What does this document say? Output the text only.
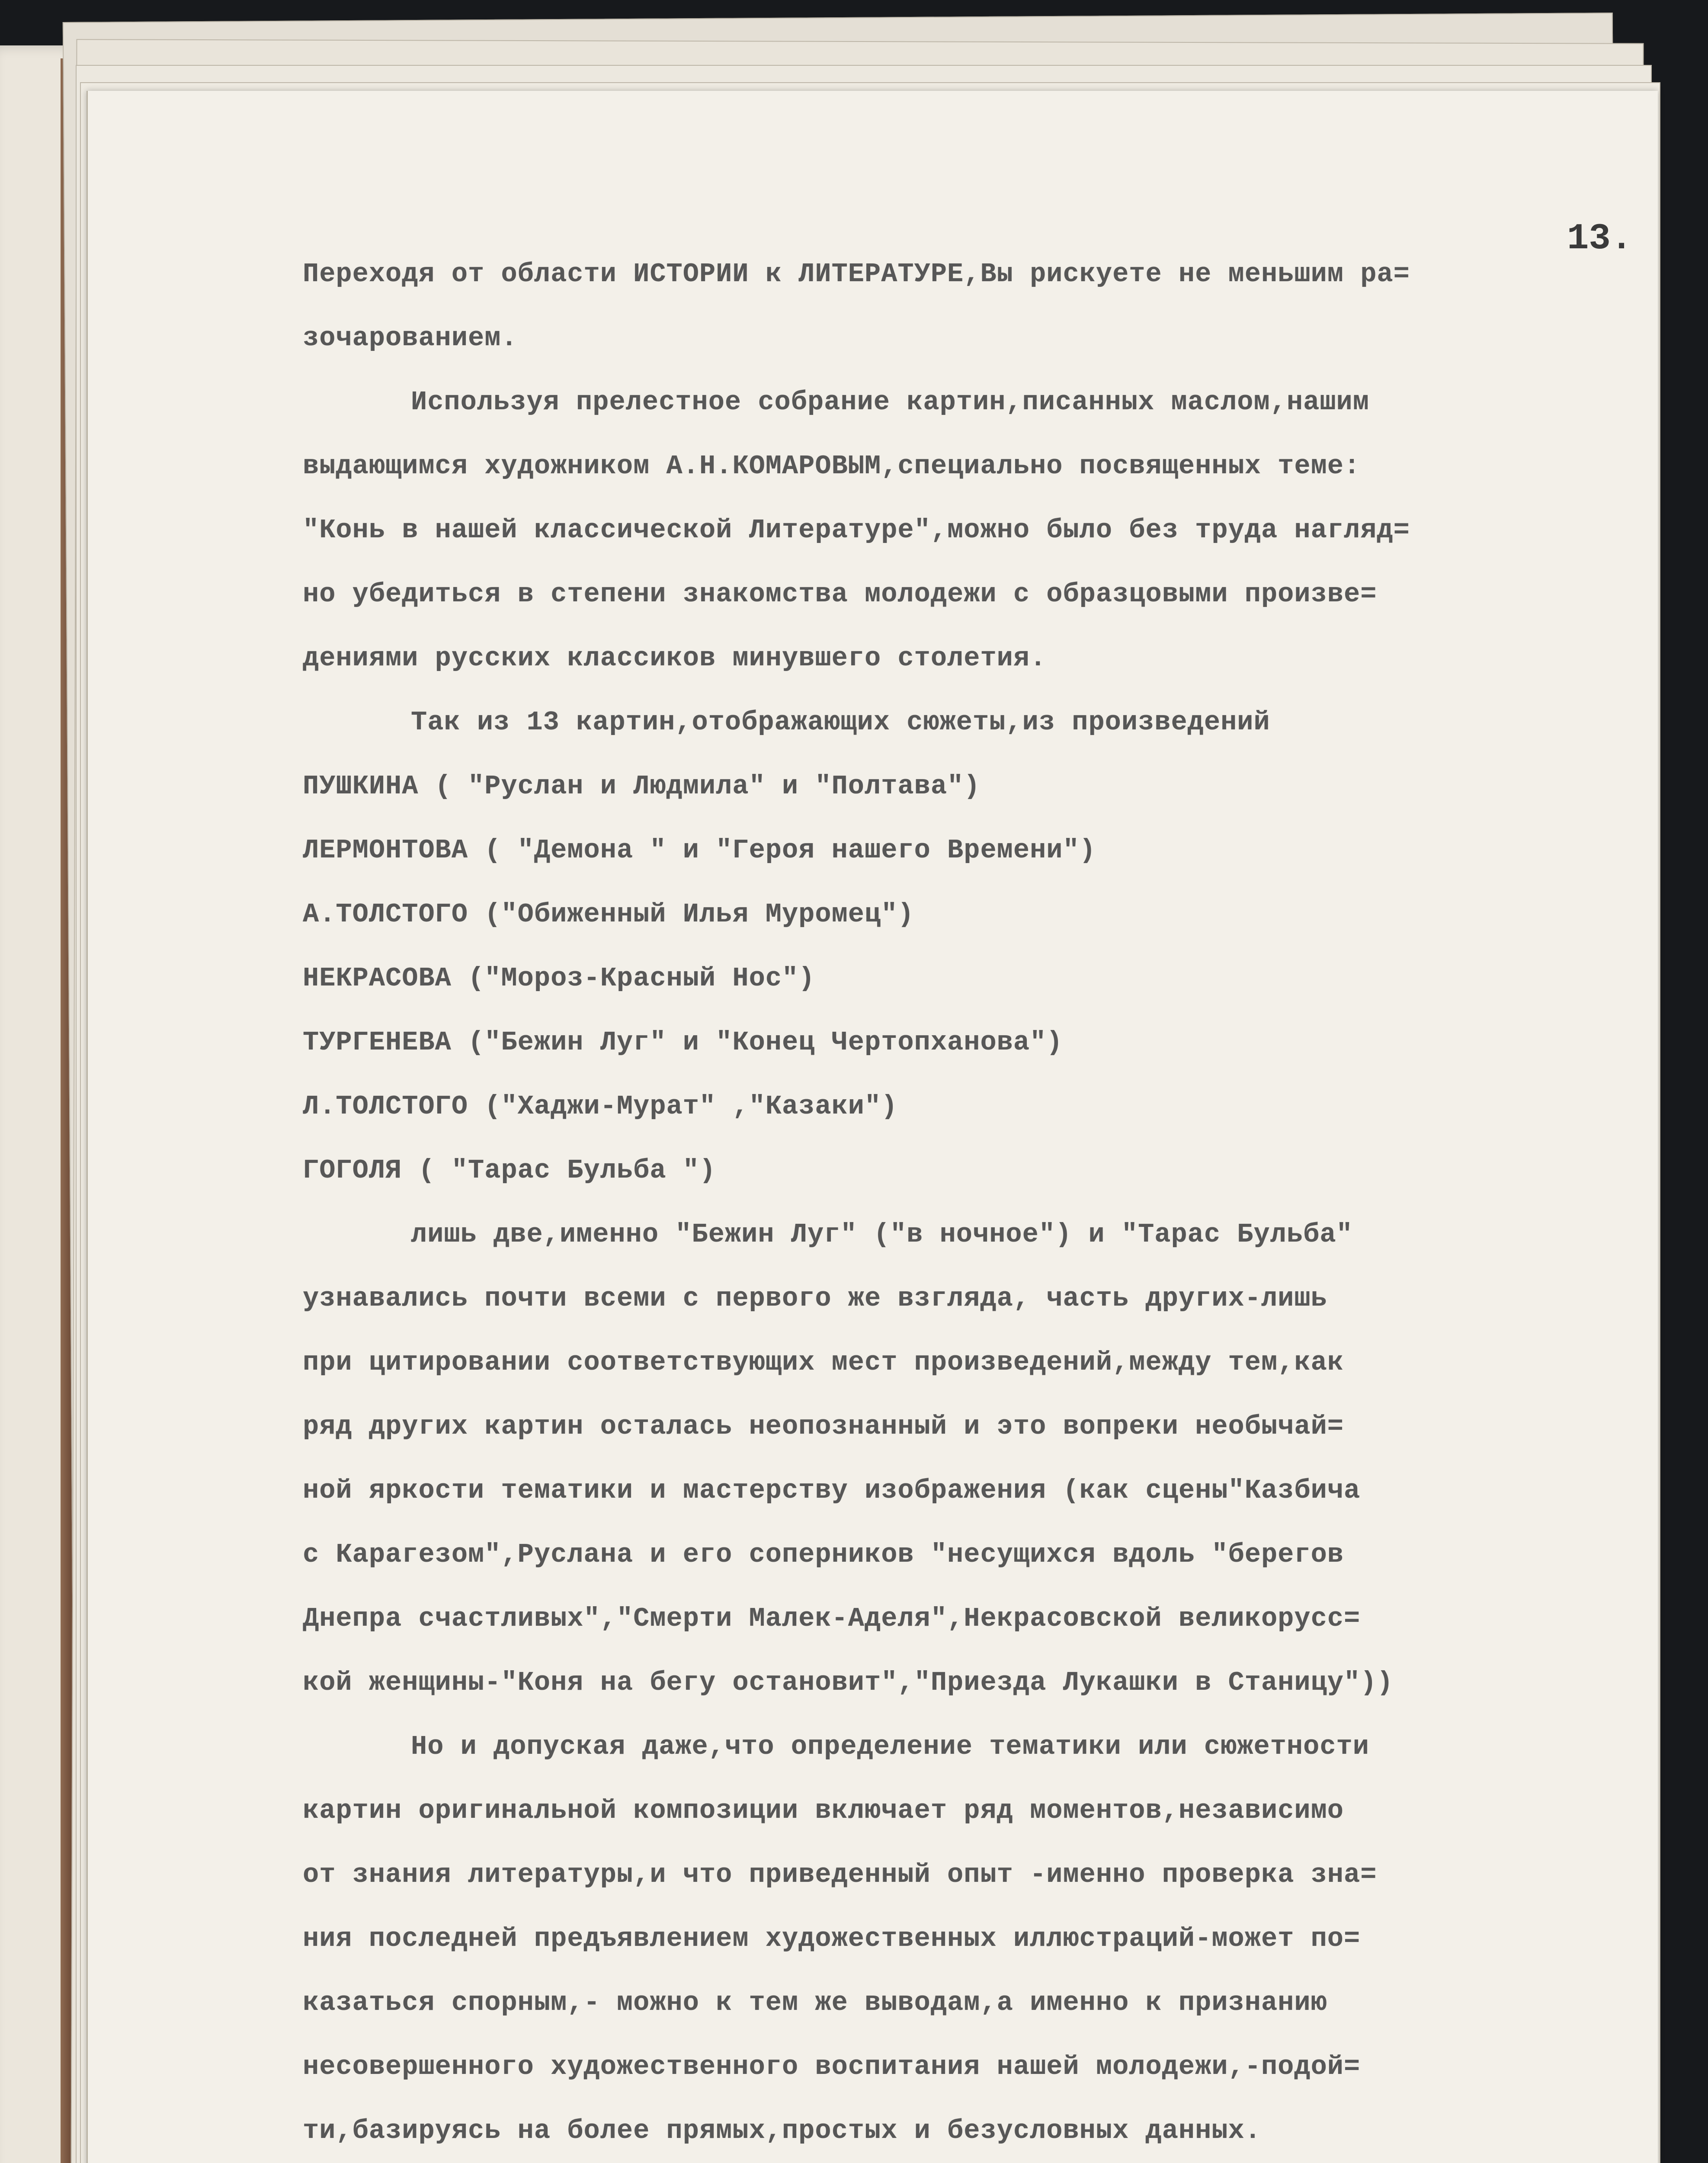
13.
Переходя от области ИСТОРИИ к ЛИТЕРАТУРЕ,Вы рискуете не меньшим ра=
зочарованием.
Используя прелестное собрание картин,писанных маслом,нашим
выдающимся художником А.Н.КОМАРОВЫМ,специально посвященных теме:
"Конь в нашей классической Литературе",можно было без труда нагляд=
но убедиться в степени знакомства молодежи с образцовыми произве=
дениями русских классиков минувшего столетия.
Так из 13 картин,отображающих сюжеты,из произведений
ПУШКИНА ( "Руслан и Людмила" и "Полтава")
ЛЕРМОНТОВА ( "Демона " и "Героя нашего Времени")
А.ТОЛСТОГО ("Обиженный Илья Муромец")
НЕКРАСОВА ("Мороз-Красный Нос")
ТУРГЕНЕВА ("Бежин Луг" и "Конец Чертопханова")
Л.ТОЛСТОГО ("Хаджи-Мурат" ,"Казаки")
ГОГОЛЯ ( "Тарас Бульба ")
лишь две,именно "Бежин Луг" ("в ночное") и "Тарас Бульба"
узнавались почти всеми с первого же взгляда, часть других-лишь
при цитировании соответствующих мест произведений,между тем,как
ряд других картин осталась неопознанный и это вопреки необычай=
ной яркости тематики и мастерству изображения (как сцены"Казбича
с Карагезом",Руслана и его соперников "несущихся вдоль "берегов
Днепра счастливых","Смерти Малек-Аделя",Некрасовской великорусс=
кой женщины-"Коня на бегу остановит","Приезда Лукашки в Станицу"))
Но и допуская даже,что определение тематики или сюжетности
картин оригинальной композиции включает ряд моментов,независимо
от знания литературы,и что приведенный опыт -именно проверка зна=
ния последней предъявлением художественных иллюстраций-может по=
казаться спорным,- можно к тем же выводам,а именно к признанию
несовершенного художественного воспитания нашей молодежи,-подой=
ти,базируясь на более прямых,простых и безусловных данных.
